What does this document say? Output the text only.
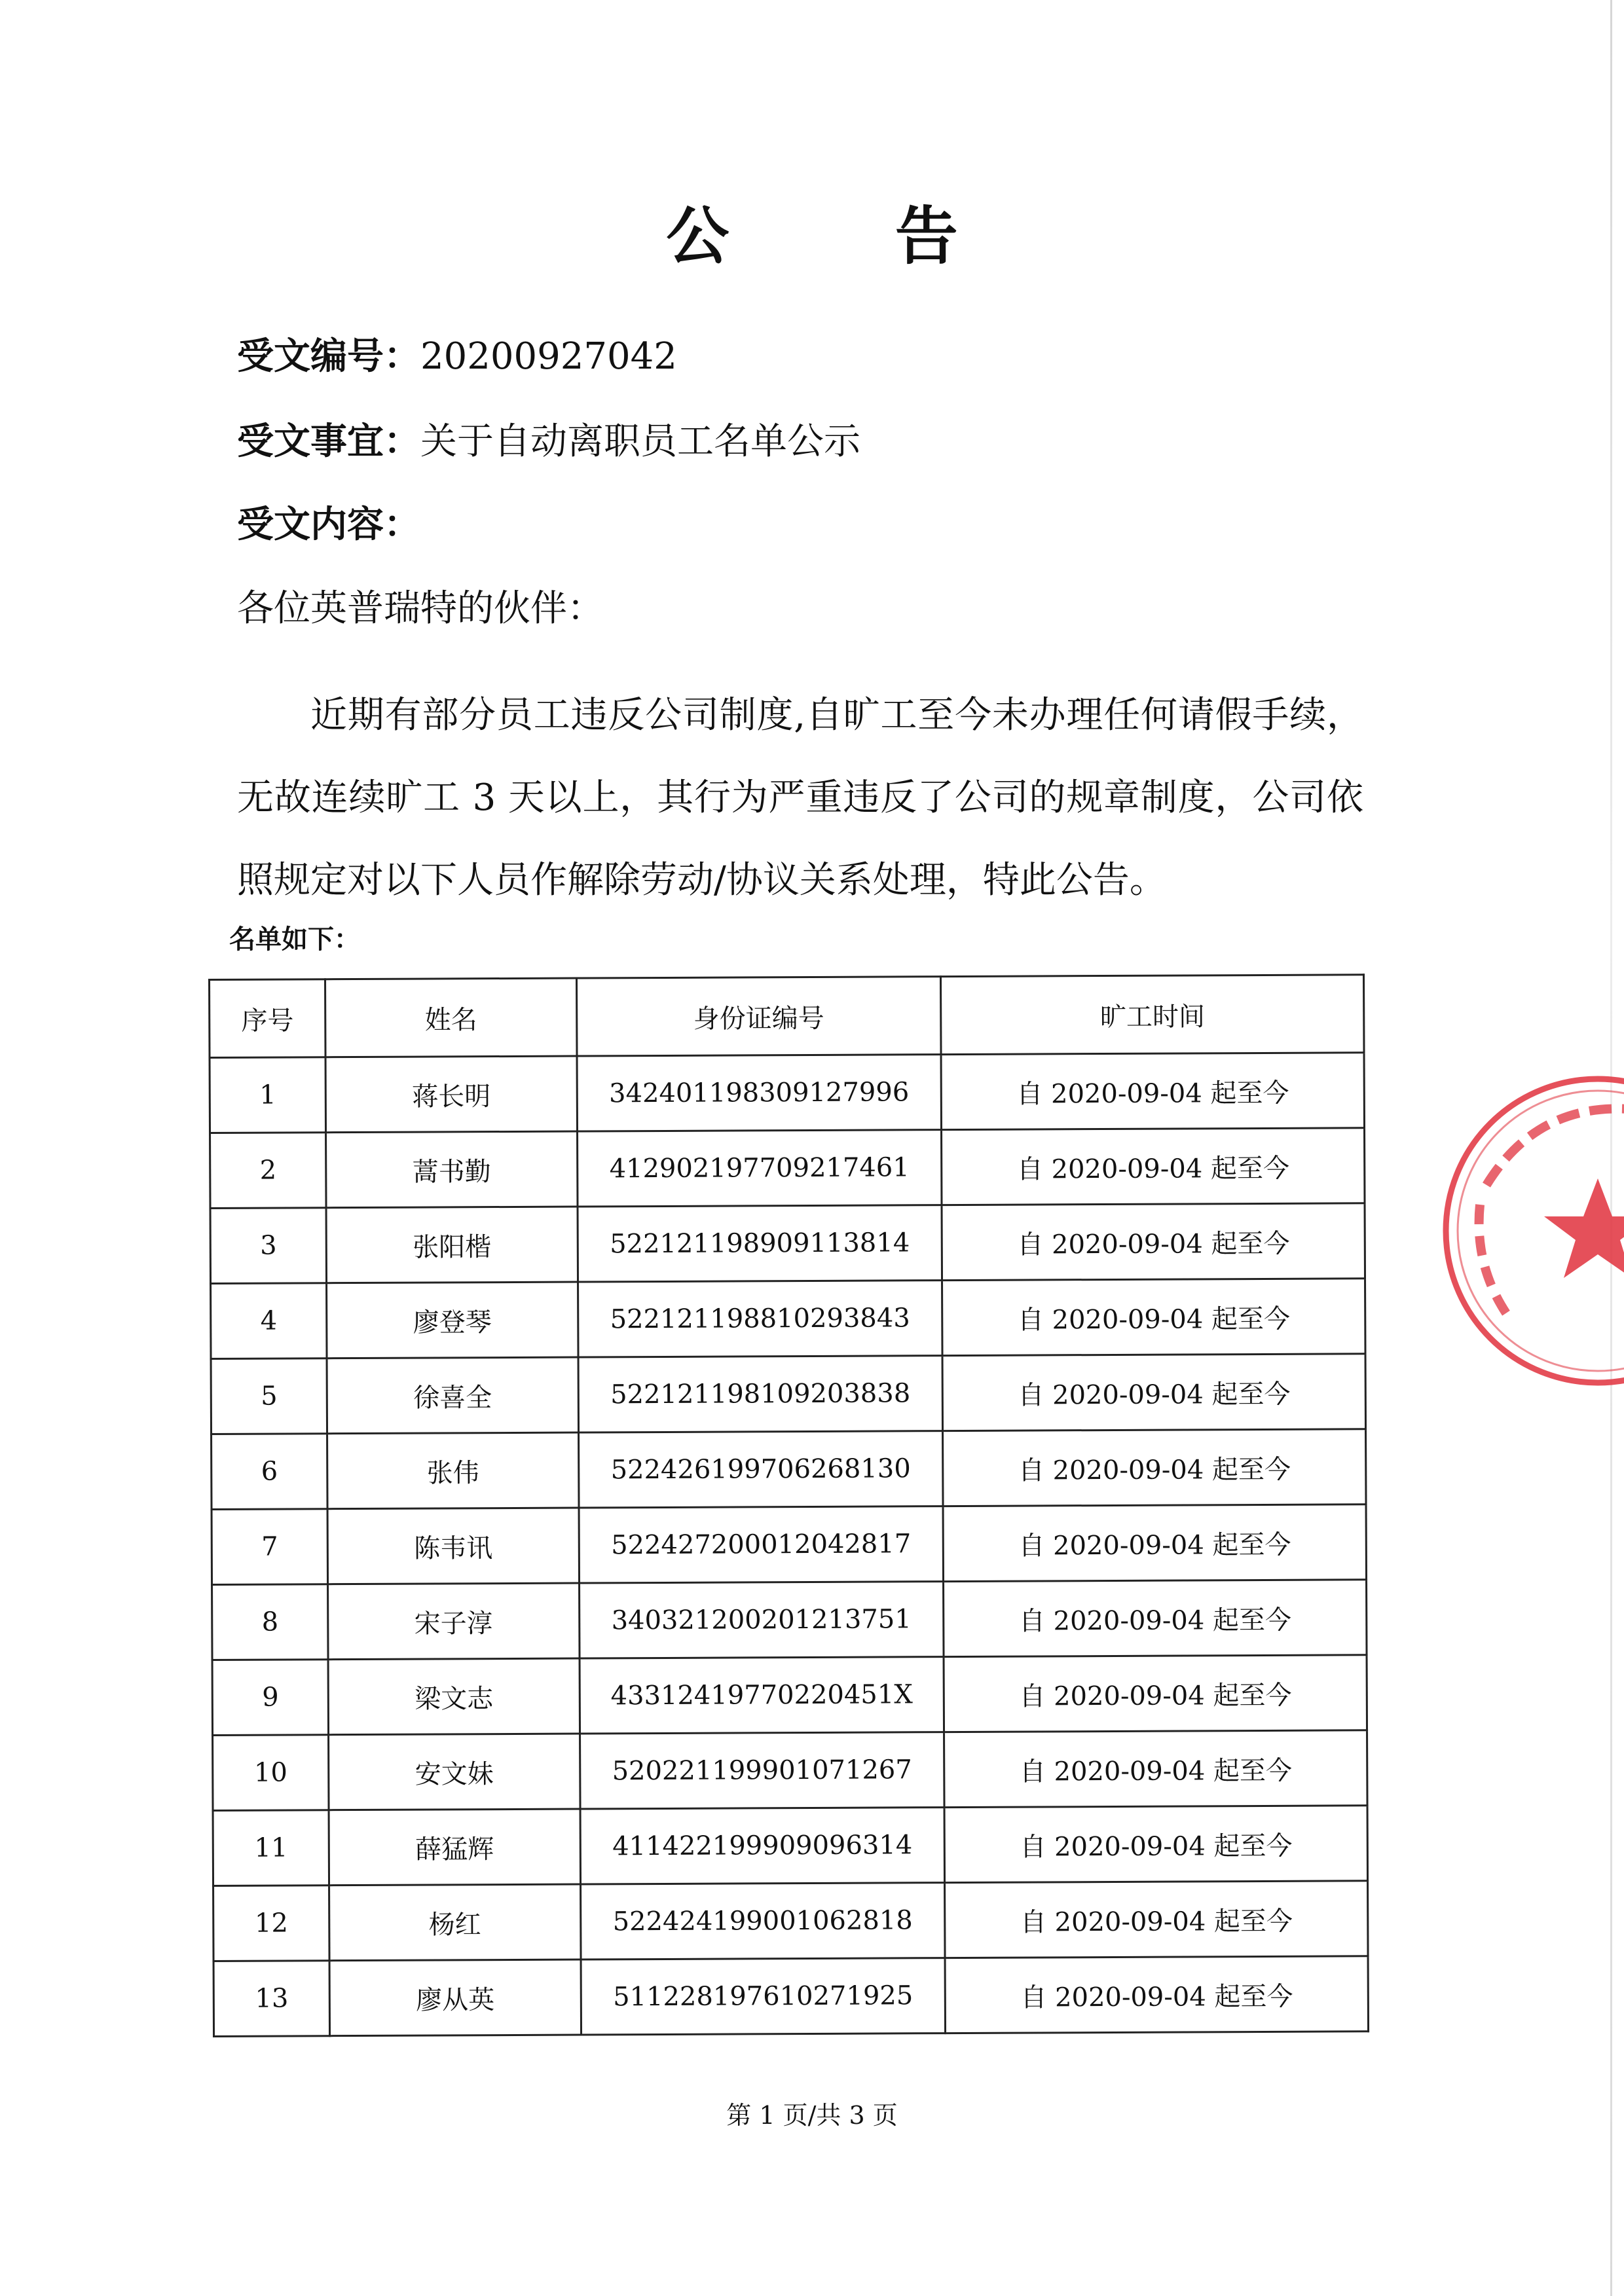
公 告
受文编号：20200927042
受文事宜：关于自动离职员工名单公示
受文内容：
各位英普瑞特的伙伴：
近期有部分员工违反公司制度,自旷工至今未办理任何请假手续，无故连续旷工 3 天以上，其行为严重违反了公司的规章制度，公司依照规定对以下人员作解除劳动/协议关系处理，特此公告。
名单如下：
序号	姓名	身份证编号	旷工时间
1	蒋长明	342401198309127996	自 2020-09-04 起至今
2	蒿书勤	412902197709217461	自 2020-09-04 起至今
3	张阳楷	522121198909113814	自 2020-09-04 起至今
4	廖登琴	522121198810293843	自 2020-09-04 起至今
5	徐喜全	522121198109203838	自 2020-09-04 起至今
6	张伟	522426199706268130	自 2020-09-04 起至今
7	陈韦讯	522427200012042817	自 2020-09-04 起至今
8	宋子淳	340321200201213751	自 2020-09-04 起至今
9	梁文志	43312419770220451X	自 2020-09-04 起至今
10	安文妹	520221199901071267	自 2020-09-04 起至今
11	薛猛辉	411422199909096314	自 2020-09-04 起至今
12	杨红	522424199001062818	自 2020-09-04 起至今
13	廖从英	511228197610271925	自 2020-09-04 起至今
第 1 页/共 3 页
